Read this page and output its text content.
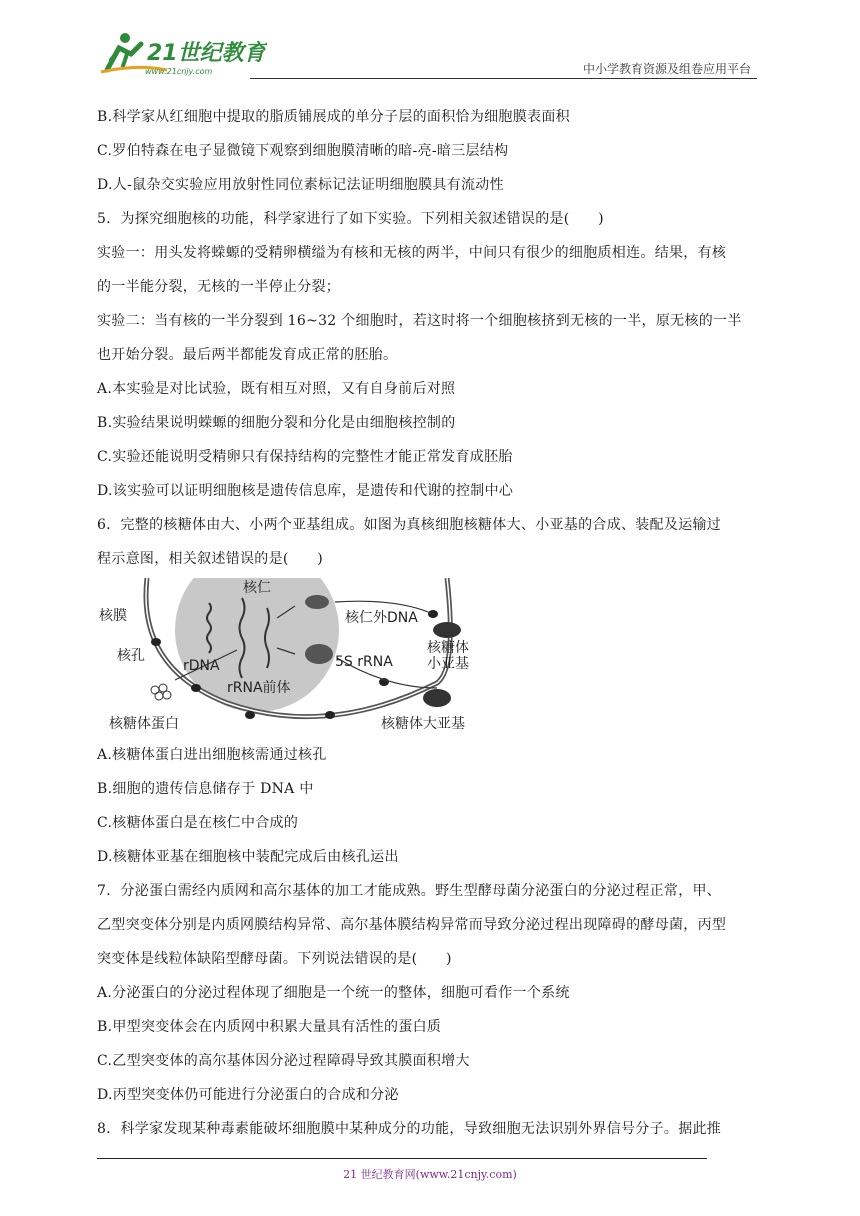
21世纪教育
www.21cnjy.com	中小学教育资源及组卷应用平台
B.科学家从红细胞中提取的脂质铺展成的单分子层的面积恰为细胞膜表面积
C.罗伯特森在电子显微镜下观察到细胞膜清晰的暗-亮-暗三层结构
D.人-鼠杂交实验应用放射性同位素标记法证明细胞膜具有流动性
5．为探究细胞核的功能，科学家进行了如下实验。下列相关叙述错误的是(　　)
实验一：用头发将蝾螈的受精卵横缢为有核和无核的两半，中间只有很少的细胞质相连。结果，有核
的一半能分裂，无核的一半停止分裂；
实验二：当有核的一半分裂到 16~32 个细胞时，若这时将一个细胞核挤到无核的一半，原无核的一半
也开始分裂。最后两半都能发育成正常的胚胎。
A.本实验是对比试验，既有相互对照，又有自身前后对照
B.实验结果说明蝾螈的细胞分裂和分化是由细胞核控制的
C.实验还能说明受精卵只有保持结构的完整性才能正常发育成胚胎
D.该实验可以证明细胞核是遗传信息库，是遗传和代谢的控制中心
6．完整的核糖体由大、小两个亚基组成。如图为真核细胞核糖体大、小亚基的合成、装配及运输过
程示意图，相关叙述错误的是(　　)
核仁
核膜	核仁外DNA
核糖体
小亚基
核孔
rDNA	5S rRNA
rRNA前体
核糖体蛋白	核糖体大亚基
A.核糖体蛋白进出细胞核需通过核孔
B.细胞的遗传信息储存于 DNA 中
C.核糖体蛋白是在核仁中合成的
D.核糖体亚基在细胞核中装配完成后由核孔运出
7．分泌蛋白需经内质网和高尔基体的加工才能成熟。野生型酵母菌分泌蛋白的分泌过程正常，甲、
乙型突变体分别是内质网膜结构异常、高尔基体膜结构异常而导致分泌过程出现障碍的酵母菌，丙型
突变体是线粒体缺陷型酵母菌。下列说法错误的是(　　)
A.分泌蛋白的分泌过程体现了细胞是一个统一的整体，细胞可看作一个系统
B.甲型突变体会在内质网中积累大量具有活性的蛋白质
C.乙型突变体的高尔基体因分泌过程障碍导致其膜面积增大
D.丙型突变体仍可能进行分泌蛋白的合成和分泌
8．科学家发现某种毒素能破坏细胞膜中某种成分的功能，导致细胞无法识别外界信号分子。据此推
21 世纪教育网(www.21cnjy.com)
